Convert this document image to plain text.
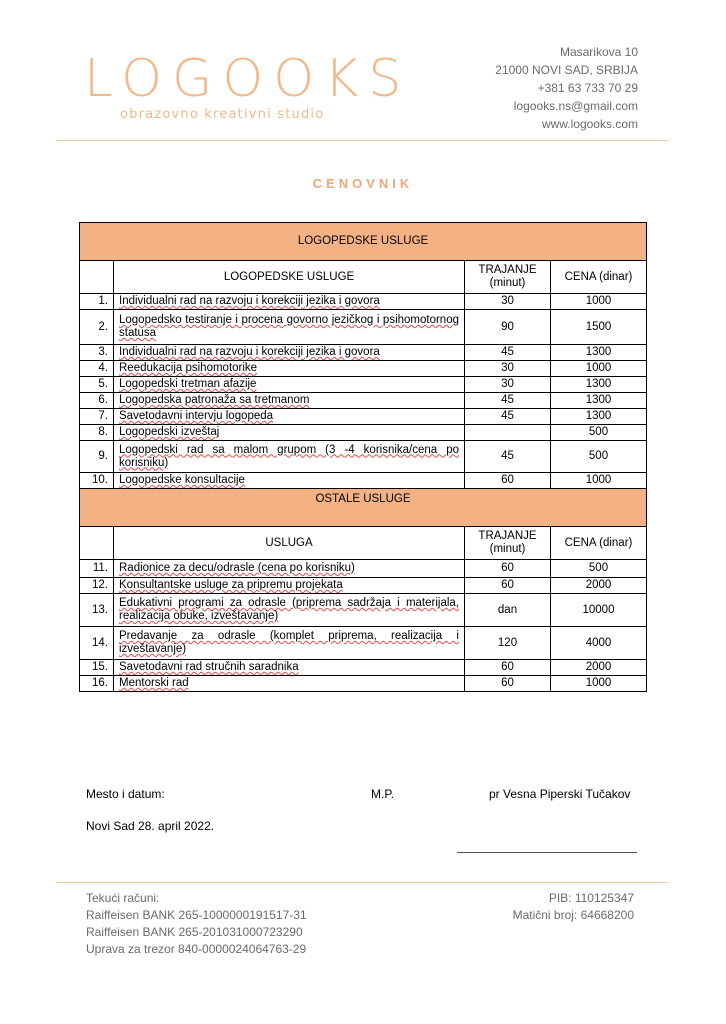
LOGOOKS
obrazovno kreativni studio
Masarikova 10
21000 NOVI SAD, SRBIJA
+381 63 733 70 29
logooks.ns@gmail.com
www.logooks.com
CENOVNIK
LOGOPEDSKE USLUGE			
	LOGOPEDSKE USLUGE	TRAJANJE (minut)	CENA (dinar)
1.	Individualni rad na razvoju i korekciji jezika i govora	30	1000
2.	Logopedsko testiranje i procena govorno jezičkog i psihomotornog statusa	90	1500
3.	Individualni rad na razvoju i korekciji jezika i govora	45	1300
4.	Reedukacija psihomotorike	30	1000
5.	Logopedski tretman afazije	30	1300
6.	Logopedska patronaža sa tretmanom	45	1300
7.	Savetodavni intervju logopeda	45	1300
8.	Logopedski izveštaj		500
9.	Logopedski rad sa malom grupom (3 -4 korisnika/cena po korisniku)	45	500
10.	Logopedske konsultacije	60	1000
OSTALE USLUGE			
	USLUGA	TRAJANJE (minut)	CENA (dinar)
11.	Radionice za decu/odrasle (cena po korisniku)	60	500
12.	Konsultantske usluge za pripremu projekata	60	2000
13.	Edukativni programi za odrasle (priprema sadržaja i materijala, realizacija obuke, izveštavanje)	dan	10000
14.	Predavanje za odrasle (komplet priprema, realizacija i izveštavanje)	120	4000
15.	Savetodavni rad stručnih saradnika	60	2000
16.	Mentorski rad	60	1000
Mesto i datum:	M.P.	pr Vesna Piperski Tučakov
Novi Sad 28. april 2022.
Tekući računi:
Raiffeisen BANK 265-1000000191517-31
Raiffeisen BANK 265-201031000723290
Uprava za trezor 840-0000024064763-29
PIB: 110125347
Matični broj: 64668200
